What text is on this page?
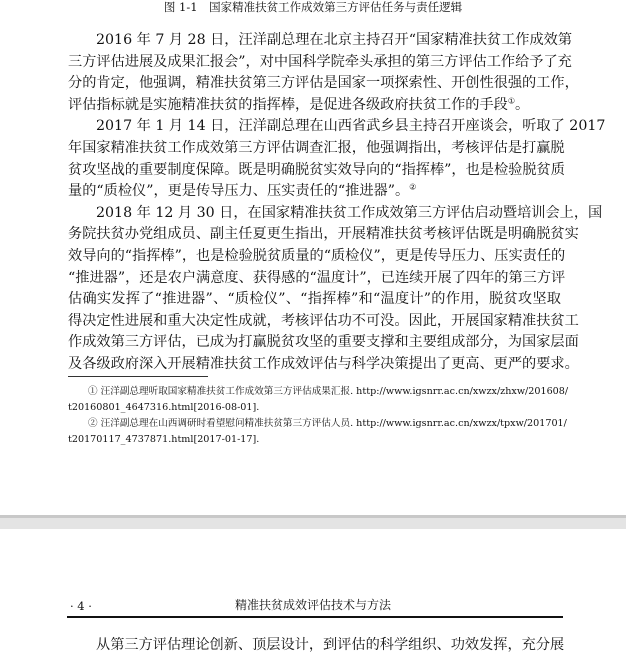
图 1-1　国家精准扶贫工作成效第三方评估任务与责任逻辑
2016 年 7 月 28 日，汪洋副总理在北京主持召开“国家精准扶贫工作成效第
三方评估进展及成果汇报会”，对中国科学院牵头承担的第三方评估工作给予了充
分的肯定，他强调，精准扶贫第三方评估是国家一项探索性、开创性很强的工作，
评估指标就是实施精准扶贫的指挥棒，是促进各级政府扶贫工作的手段①。
2017 年 1 月 14 日，汪洋副总理在山西省武乡县主持召开座谈会，听取了 2017
年国家精准扶贫工作成效第三方评估调查汇报，他强调指出，考核评估是打赢脱
贫攻坚战的重要制度保障。既是明确脱贫实效导向的“指挥棒”，也是检验脱贫质
量的“质检仪”，更是传导压力、压实责任的“推进器”。②
2018 年 12 月 30 日，在国家精准扶贫工作成效第三方评估启动暨培训会上，国
务院扶贫办党组成员、副主任夏更生指出，开展精准扶贫考核评估既是明确脱贫实
效导向的“指挥棒”，也是检验脱贫质量的“质检仪”，更是传导压力、压实责任的
“推进器”，还是农户满意度、获得感的“温度计”，已连续开展了四年的第三方评
估确实发挥了“推进器”、“质检仪”、“指挥棒”和“温度计”的作用，脱贫攻坚取
得决定性进展和重大决定性成就，考核评估功不可没。因此，开展国家精准扶贫工
作成效第三方评估，已成为打赢脱贫攻坚的重要支撑和主要组成部分，为国家层面
及各级政府深入开展精准扶贫工作成效评估与科学决策提出了更高、更严的要求。
① 汪洋副总理听取国家精准扶贫工作成效第三方评估成果汇报. http://www.igsnrr.ac.cn/xwzx/zhxw/201608/
t20160801_4647316.html[2016-08-01].
② 汪洋副总理在山西调研时看望慰问精准扶贫第三方评估人员. http://www.igsnrr.ac.cn/xwzx/tpxw/201701/
t20170117_4737871.html[2017-01-17].
· 4 ·	精准扶贫成效评估技术与方法
从第三方评估理论创新、顶层设计，到评估的科学组织、功效发挥，充分展
